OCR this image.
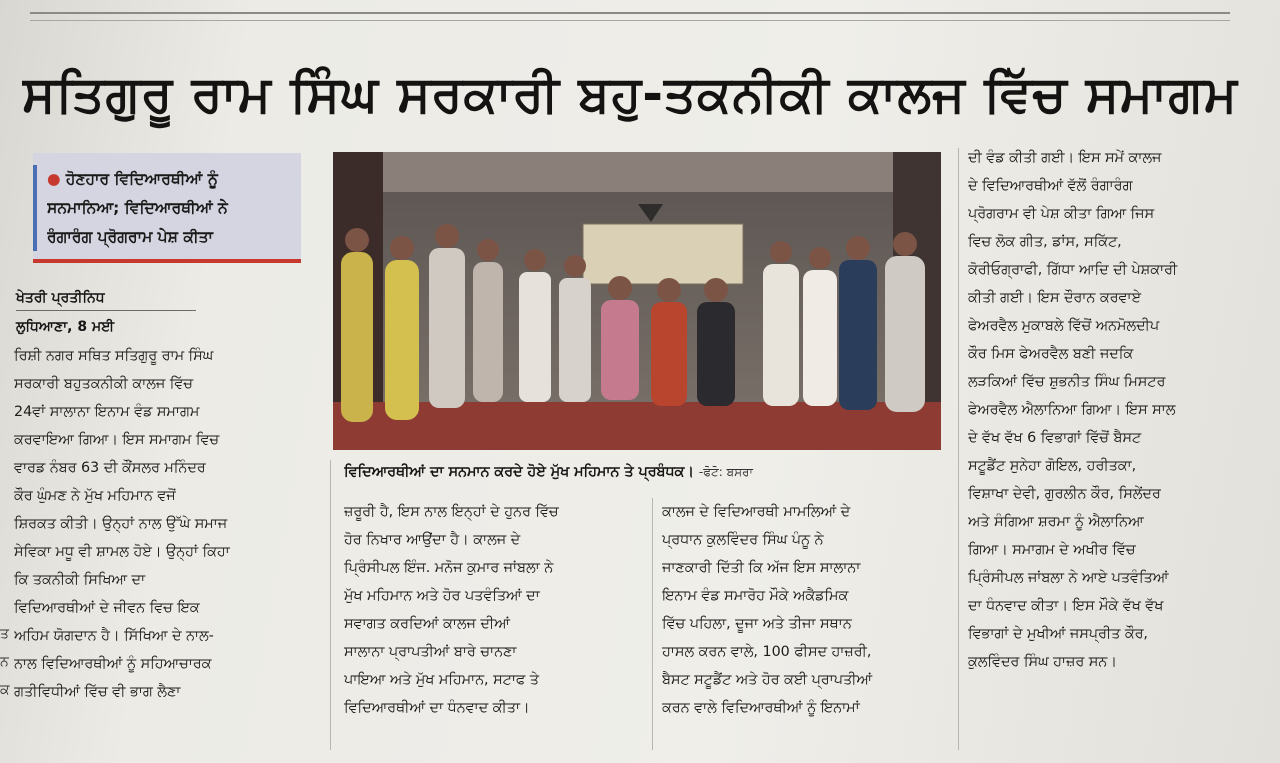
ਸਤਿਗੁਰੂ ਰਾਮ ਸਿੰਘ ਸਰਕਾਰੀ ਬਹੁ-ਤਕਨੀਕੀ ਕਾਲਜ ਵਿੱਚ ਸਮਾਗਮ
● ਹੋਣਹਾਰ ਵਿਦਿਆਰਥੀਆਂ ਨੂੰ
ਸਨਮਾਨਿਆ; ਵਿਦਿਆਰਥੀਆਂ ਨੇ
ਰੰਗਾਰੰਗ ਪ੍ਰੋਗਰਾਮ ਪੇਸ਼ ਕੀਤਾ
ਖੇਤਰੀ ਪ੍ਰਤੀਨਿਧ
ਲੁਧਿਆਣਾ, 8 ਮਈ
ਰਿਸ਼ੀ ਨਗਰ ਸਥਿਤ ਸਤਿਗੁਰੂ ਰਾਮ ਸਿੰਘ
ਸਰਕਾਰੀ ਬਹੁਤਕਨੀਕੀ ਕਾਲਜ ਵਿੱਚ
24ਵਾਂ ਸਾਲਾਨਾ ਇਨਾਮ ਵੰਡ ਸਮਾਗਮ
ਕਰਵਾਇਆ ਗਿਆ। ਇਸ ਸਮਾਗਮ ਵਿਚ
ਵਾਰਡ ਨੰਬਰ 63 ਦੀ ਕੌਂਸਲਰ ਮਨਿੰਦਰ
ਕੌਰ ਘੁੰਮਣ ਨੇ ਮੁੱਖ ਮਹਿਮਾਨ ਵਜੋਂ
ਸ਼ਿਰਕਤ ਕੀਤੀ। ਉਨ੍ਹਾਂ ਨਾਲ ਉੱਘੇ ਸਮਾਜ
ਸੇਵਿਕਾ ਮਧੂ ਵੀ ਸ਼ਾਮਲ ਹੋਏ। ਉਨ੍ਹਾਂ ਕਿਹਾ
ਕਿ ਤਕਨੀਕੀ ਸਿਖਿਆ ਦਾ
ਵਿਦਿਆਰਥੀਆਂ ਦੇ ਜੀਵਨ ਵਿਚ ਇਕ
ਅਹਿਮ ਯੋਗਦਾਨ ਹੈ। ਸਿੱਖਿਆ ਦੇ ਨਾਲ-
ਨਾਲ ਵਿਦਿਆਰਥੀਆਂ ਨੂੰ ਸਹਿਆਚਾਰਕ
ਗਤੀਵਿਧੀਆਂ ਵਿੱਚ ਵੀ ਭਾਗ ਲੈਣਾ
ਤ
ਨ
ਕ
ਵਿਦਿਆਰਥੀਆਂ ਦਾ ਸਨਮਾਨ ਕਰਦੇ ਹੋਏ ਮੁੱਖ ਮਹਿਮਾਨ ਤੇ ਪ੍ਰਬੰਧਕ। -ਫੋਟੋ: ਬਸਰਾ
ਜ਼ਰੂਰੀ ਹੈ, ਇਸ ਨਾਲ ਇਨ੍ਹਾਂ ਦੇ ਹੁਨਰ ਵਿੱਚ
ਹੋਰ ਨਿਖਾਰ ਆਉਂਦਾ ਹੈ। ਕਾਲਜ ਦੇ
ਪ੍ਰਿੰਸੀਪਲ ਇੰਜ. ਮਨੋਜ ਕੁਮਾਰ ਜਾਂਬਲਾ ਨੇ
ਮੁੱਖ ਮਹਿਮਾਨ ਅਤੇ ਹੋਰ ਪਤਵੰਤਿਆਂ ਦਾ
ਸਵਾਗਤ ਕਰਦਿਆਂ ਕਾਲਜ ਦੀਆਂ
ਸਾਲਾਨਾ ਪ੍ਰਾਪਤੀਆਂ ਬਾਰੇ ਚਾਨਣਾ
ਪਾਇਆ ਅਤੇ ਮੁੱਖ ਮਹਿਮਾਨ, ਸਟਾਫ ਤੇ
ਵਿਦਿਆਰਥੀਆਂ ਦਾ ਧੰਨਵਾਦ ਕੀਤਾ।
ਕਾਲਜ ਦੇ ਵਿਦਿਆਰਥੀ ਮਾਮਲਿਆਂ ਦੇ
ਪ੍ਰਧਾਨ ਕੁਲਵਿੰਦਰ ਸਿੰਘ ਪੰਨੂ ਨੇ
ਜਾਣਕਾਰੀ ਦਿੱਤੀ ਕਿ ਅੱਜ ਇਸ ਸਾਲਾਨਾ
ਇਨਾਮ ਵੰਡ ਸਮਾਰੋਹ ਮੌਕੇ ਅਕੈਡਮਿਕ
ਵਿੱਚ ਪਹਿਲਾ, ਦੂਜਾ ਅਤੇ ਤੀਜਾ ਸਥਾਨ
ਹਾਸਲ ਕਰਨ ਵਾਲੇ, 100 ਫੀਸਦ ਹਾਜ਼ਰੀ,
ਬੈਸਟ ਸਟੂਡੈਂਟ ਅਤੇ ਹੋਰ ਕਈ ਪ੍ਰਾਪਤੀਆਂ
ਕਰਨ ਵਾਲੇ ਵਿਦਿਆਰਥੀਆਂ ਨੂੰ ਇਨਾਮਾਂ
ਦੀ ਵੰਡ ਕੀਤੀ ਗਈ। ਇਸ ਸਮੇਂ ਕਾਲਜ
ਦੇ ਵਿਦਿਆਰਥੀਆਂ ਵੱਲੋਂ ਰੰਗਾਰੰਗ
ਪ੍ਰੋਗਰਾਮ ਵੀ ਪੇਸ਼ ਕੀਤਾ ਗਿਆ ਜਿਸ
ਵਿਚ ਲੋਕ ਗੀਤ, ਡਾਂਸ, ਸਕਿੱਟ,
ਕੋਰੀਓਗ੍ਰਾਫੀ, ਗਿੱਧਾ ਆਦਿ ਦੀ ਪੇਸ਼ਕਾਰੀ
ਕੀਤੀ ਗਈ। ਇਸ ਦੌਰਾਨ ਕਰਵਾਏ
ਫੇਅਰਵੈਲ ਮੁਕਾਬਲੇ ਵਿੱਚੋਂ ਅਨਮੋਲਦੀਪ
ਕੌਰ ਮਿਸ ਫੇਅਰਵੈਲ ਬਣੀ ਜਦਕਿ
ਲੜਕਿਆਂ ਵਿੱਚ ਸ਼ੁਭਨੀਤ ਸਿੰਘ ਮਿਸਟਰ
ਫੇਅਰਵੈਲ ਐਲਾਨਿਆ ਗਿਆ। ਇਸ ਸਾਲ
ਦੇ ਵੱਖ ਵੱਖ 6 ਵਿਭਾਗਾਂ ਵਿੱਚੋਂ ਬੈਸਟ
ਸਟੂਡੈਂਟ ਸੁਨੇਹਾ ਗੋਇਲ, ਹਰੀਤਕਾ,
ਵਿਸ਼ਾਖਾ ਦੇਵੀ, ਗੁਰਲੀਨ ਕੌਰ, ਸਿਲੇਂਦਰ
ਅਤੇ ਸੰਗਿਆ ਸ਼ਰਮਾ ਨੂੰ ਐਲਾਨਿਆ
ਗਿਆ। ਸਮਾਗਮ ਦੇ ਅਖੀਰ ਵਿੱਚ
ਪ੍ਰਿੰਸੀਪਲ ਜਾਂਬਲਾ ਨੇ ਆਏ ਪਤਵੰਤਿਆਂ
ਦਾ ਧੰਨਵਾਦ ਕੀਤਾ। ਇਸ ਮੌਕੇ ਵੱਖ ਵੱਖ
ਵਿਭਾਗਾਂ ਦੇ ਮੁਖੀਆਂ ਜਸਪ੍ਰੀਤ ਕੌਰ,
ਕੁਲਵਿੰਦਰ ਸਿੰਘ ਹਾਜ਼ਰ ਸਨ।
